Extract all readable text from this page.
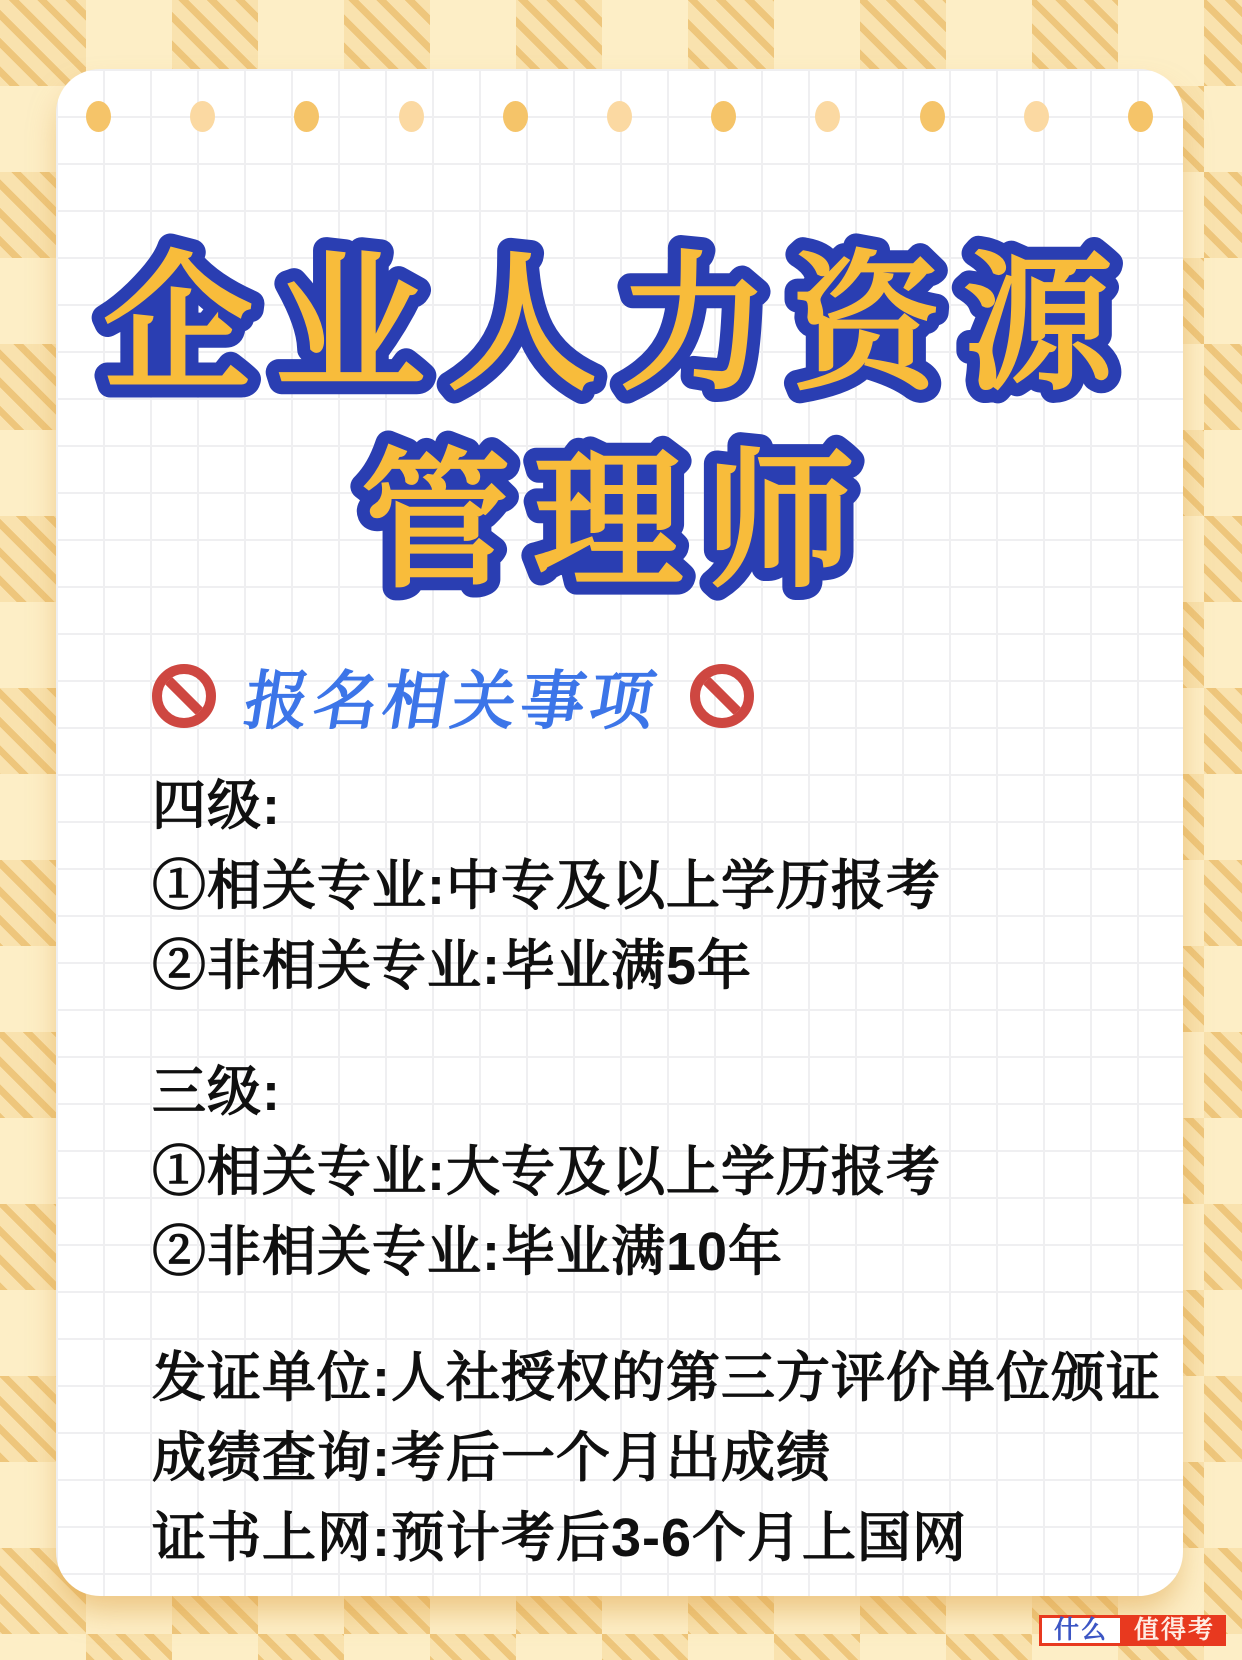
企业人力资源
管理师
报名相关事项

四级:

①相关专业:中专及以上学历报考

②非相关专业:毕业满5年

三级:

①相关专业:大专及以上学历报考

②非相关专业:毕业满10年

发证单位:人社授权的第三方评价单位颁证

成绩查询:考后一个月出成绩

证书上网:预计考后3-6个月上国网

什么	值得考
